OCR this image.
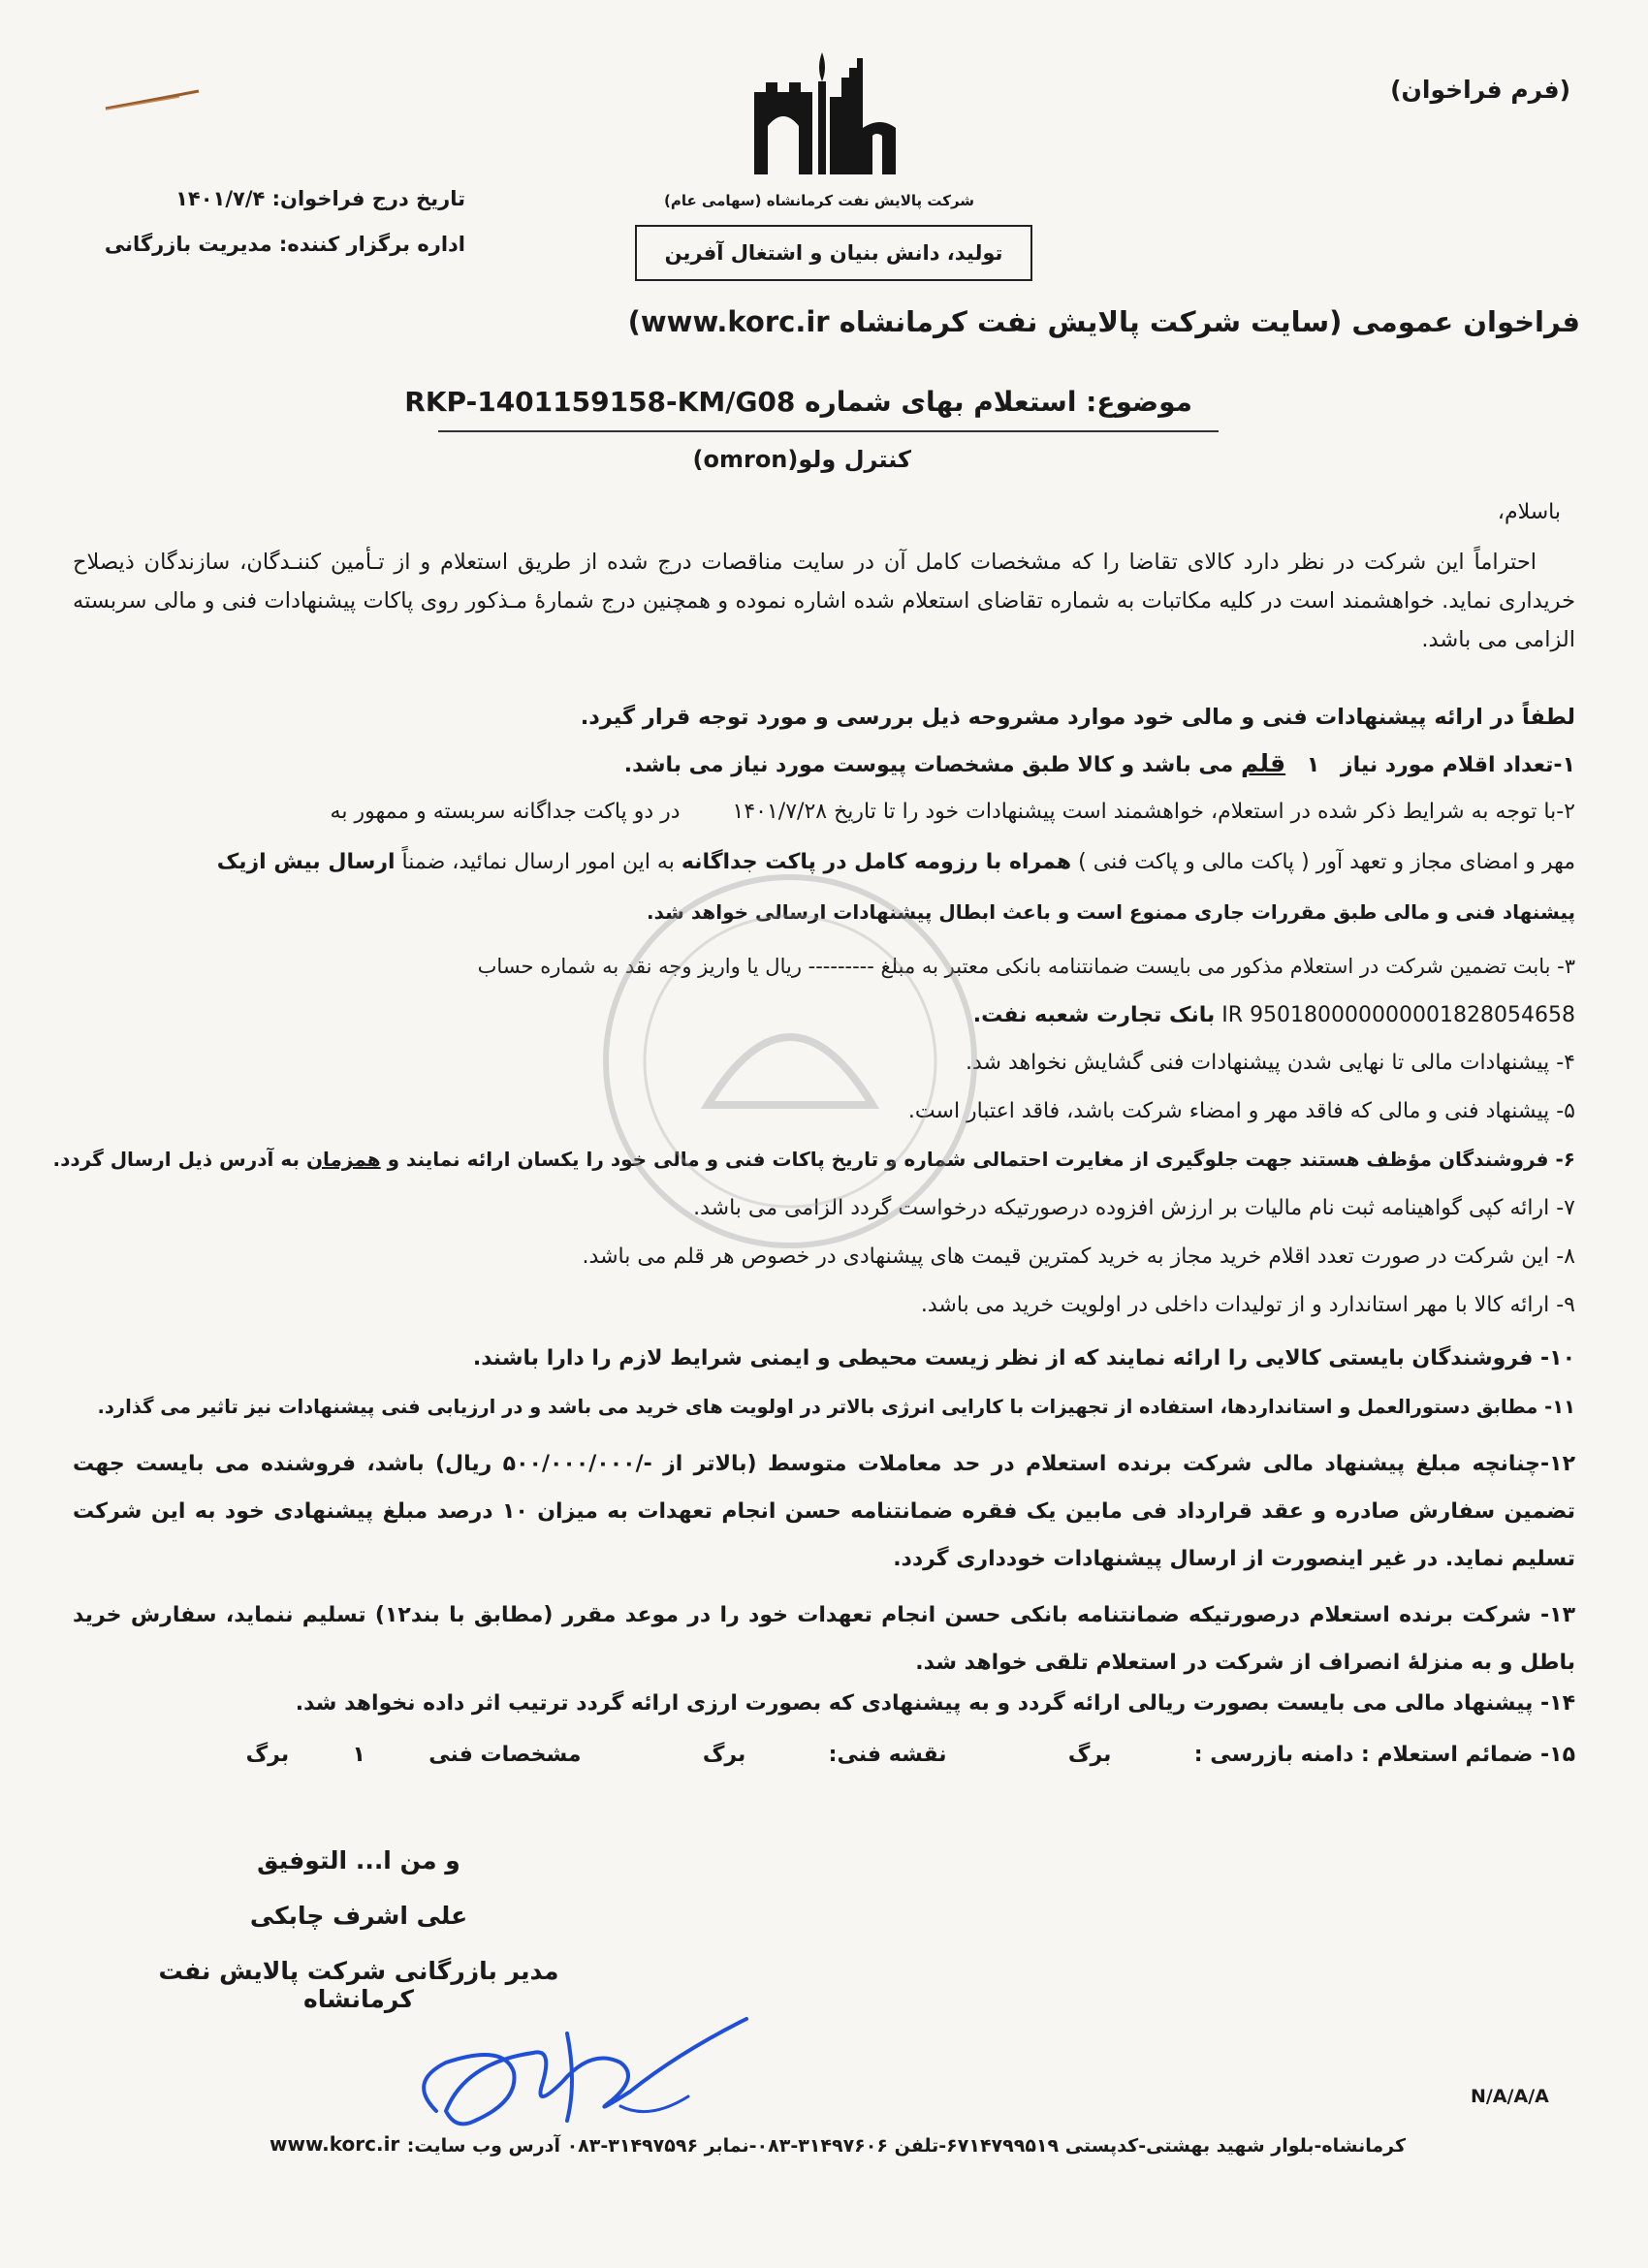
(فرم فراخوان)
شرکت پالایش نفت کرمانشاه (سهامی عام)
تولید، دانش بنیان و اشتغال آفرین
تاریخ درج فراخوان: ۱۴۰۱/۷/۴
اداره برگزار کننده: مدیریت بازرگانی
فراخوان عمومی (سایت شرکت پالایش نفت کرمانشاه www.korc.ir)
موضوع: استعلام بهای شماره RKP-1401159158-KM/G08
کنترل ولو(omron)
باسلام،

احتراماً این شرکت در نظر دارد کالای تقاضا را که مشخصات کامل آن در سایت مناقصات درج شده از طریق استعلام و از تـأمین کننـدگان، سازندگان ذیصلاح خریداری نماید. خواهشمند است در کلیه مکاتبات به شماره تقاضای استعلام شده اشاره نموده و همچنین درج شمارهٔ مـذکور روی پاکات پیشنهادات فنی و مالی سربسته الزامی می باشد.

لطفاً در ارائه پیشنهادات فنی و مالی خود موارد مشروحه ذیل بررسی و مورد توجه قرار گیرد.

۱-تعداد اقلام مورد نیاز ۱ قلم می باشد و کالا طبق مشخصات پیوست مورد نیاز می باشد.
۲-با توجه به شرایط ذکر شده در استعلام، خواهشمند است پیشنهادات خود را تا تاریخ ۱۴۰۱/۷/۲۸  در دو پاکت جداگانه سربسته و ممهور به
مهر و امضای مجاز و تعهد آور ( پاکت مالی و پاکت فنی ) همراه با رزومه کامل در پاکت جداگانه به این امور ارسال نمائید، ضمناً ارسال بیش ازیک
پیشنهاد فنی و مالی طبق مقررات جاری ممنوع است و باعث ابطال پیشنهادات ارسالی خواهد شد.
۳- بابت تضمین شرکت در استعلام مذکور می بایست ضمانتنامه بانکی معتبر به مبلغ --------- ریال یا واریز وجه نقد به شماره حساب
IR 950180000000001828054658 بانک تجارت شعبه نفت.
۴- پیشنهادات مالی تا نهایی شدن پیشنهادات فنی گشایش نخواهد شد.
۵- پیشنهاد فنی و مالی که فاقد مهر و امضاء شرکت باشد، فاقد اعتبار است.
۶- فروشندگان مؤظف هستند جهت جلوگیری از مغایرت احتمالی شماره و تاریخ پاکات فنی و مالی خود را یکسان ارائه نمایند و همزمان به آدرس ذیل ارسال گردد.
۷- ارائه کپی گواهینامه ثبت نام مالیات بر ارزش افزوده درصورتیکه درخواست گردد الزامی می باشد.
۸- این شرکت در صورت تعدد اقلام خرید مجاز به خرید کمترین قیمت های پیشنهادی در خصوص هر قلم می باشد.
۹- ارائه کالا با مهر استاندارد و از تولیدات داخلی در اولویت خرید می باشد.
۱۰- فروشندگان بایستی کالایی را ارائه نمایند که از نظر زیست محیطی و ایمنی شرایط لازم را دارا باشند.
۱۱- مطابق دستورالعمل و استانداردها، استفاده از تجهیزات با کارایی انرژی بالاتر در اولویت های خرید می باشد و در ارزیابی فنی پیشنهادات نیز تاثیر می گذارد.

۱۲-چنانچه مبلغ پیشنهاد مالی شرکت برنده استعلام در حد معاملات متوسط (بالاتر از -/۵۰۰/۰۰۰/۰۰۰ ریال) باشد، فروشنده می بایست جهت تضمین سفارش صادره و عقد قرارداد فی مابین یک فقره ضمانتنامه حسن انجام تعهدات به میزان ۱۰ درصد مبلغ پیشنهادی خود به این شرکت تسلیم نماید. در غیر اینصورت از ارسال پیشنهادات خودداری گردد.

۱۳- شرکت برنده استعلام درصورتیکه ضمانتنامه بانکی حسن انجام تعهدات خود را در موعد مقرر (مطابق با بند۱۲) تسلیم ننماید، سفارش خرید باطل و به منزلهٔ انصراف از شرکت در استعلام تلقی خواهد شد.

۱۴- پیشنهاد مالی می بایست بصورت ریالی ارائه گردد و به پیشنهادی که بصورت ارزی ارائه گردد ترتیب اثر داده نخواهد شد.
۱۵- ضمائم استعلام : دامنه بازرسی :  برگ  نقشه فنی:  برگ  مشخصات فنی  ۱  برگ
و من ا... التوفیق
علی اشرف چابکی
مدیر بازرگانی شرکت پالایش نفت کرمانشاه
N/A/A/A
کرمانشاه-بلوار شهید بهشتی-کدپستی ۶۷۱۴۷۹۹۵۱۹-تلفن ۳۱۴۹۷۶۰۶-۰۸۳-نمابر ۳۱۴۹۷۵۹۶-۰۸۳ آدرس وب سایت:
www.korc.ir
